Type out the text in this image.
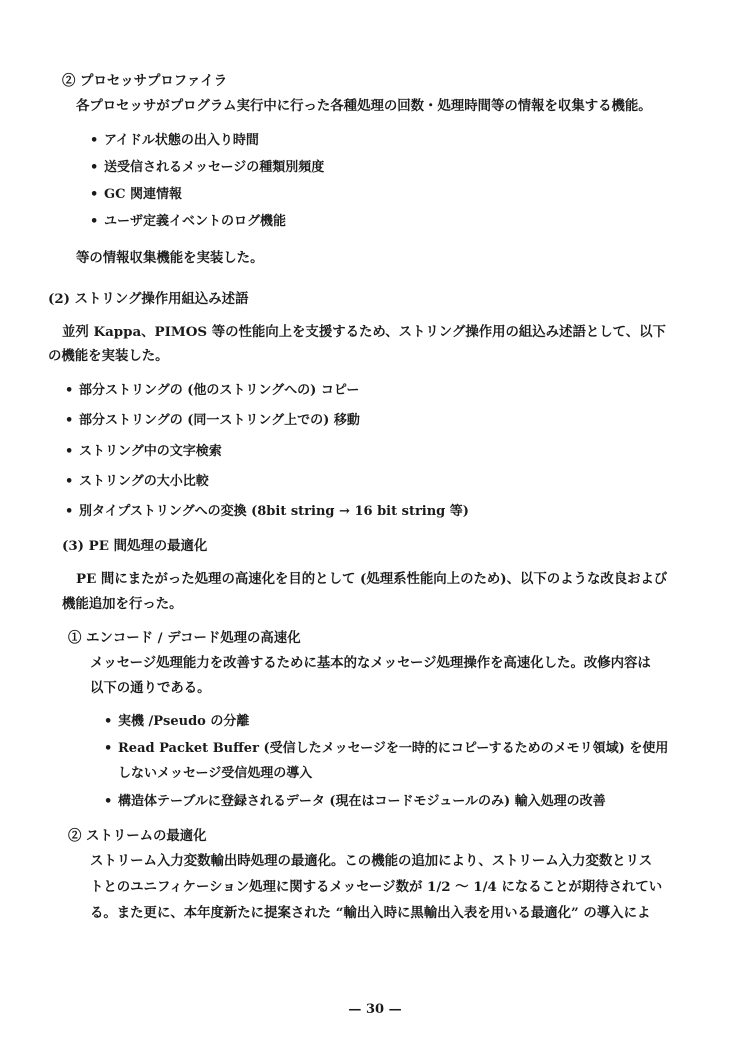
② プロセッサプロファイラ
各プロセッサがプログラム実行中に行った各種処理の回数・処理時間等の情報を収集する機能。
• アイドル状態の出入り時間
• 送受信されるメッセージの種類別頻度
• GC 関連情報
• ユーザ定義イベントのログ機能
等の情報収集機能を実装した。
(2) ストリング操作用組込み述語
並列 Kappa、PIMOS 等の性能向上を支援するため、ストリング操作用の組込み述語として、以下
の機能を実装した。
• 部分ストリングの (他のストリングへの) コピー
• 部分ストリングの (同一ストリング上での) 移動
• ストリング中の文字検索
• ストリングの大小比較
• 別タイプストリングへの変換 (8bit string → 16 bit string 等)
(3) PE 間処理の最適化
PE 間にまたがった処理の高速化を目的として (処理系性能向上のため)、以下のような改良および
機能追加を行った。
① エンコード / デコード処理の高速化
メッセージ処理能力を改善するために基本的なメッセージ処理操作を高速化した。改修内容は
以下の通りである。
• 実機 /Pseudo の分離
• Read Packet Buffer (受信したメッセージを一時的にコピーするためのメモリ領域) を使用
しないメッセージ受信処理の導入
• 構造体テーブルに登録されるデータ (現在はコードモジュールのみ) 輸入処理の改善
② ストリームの最適化
ストリーム入力変数輸出時処理の最適化。この機能の追加により、ストリーム入力変数とリス
トとのユニフィケーション処理に関するメッセージ数が 1/2 ～ 1/4 になることが期待されてい
る。また更に、本年度新たに提案された “輸出入時に黒輸出入表を用いる最適化” の導入によ
— 30 —
